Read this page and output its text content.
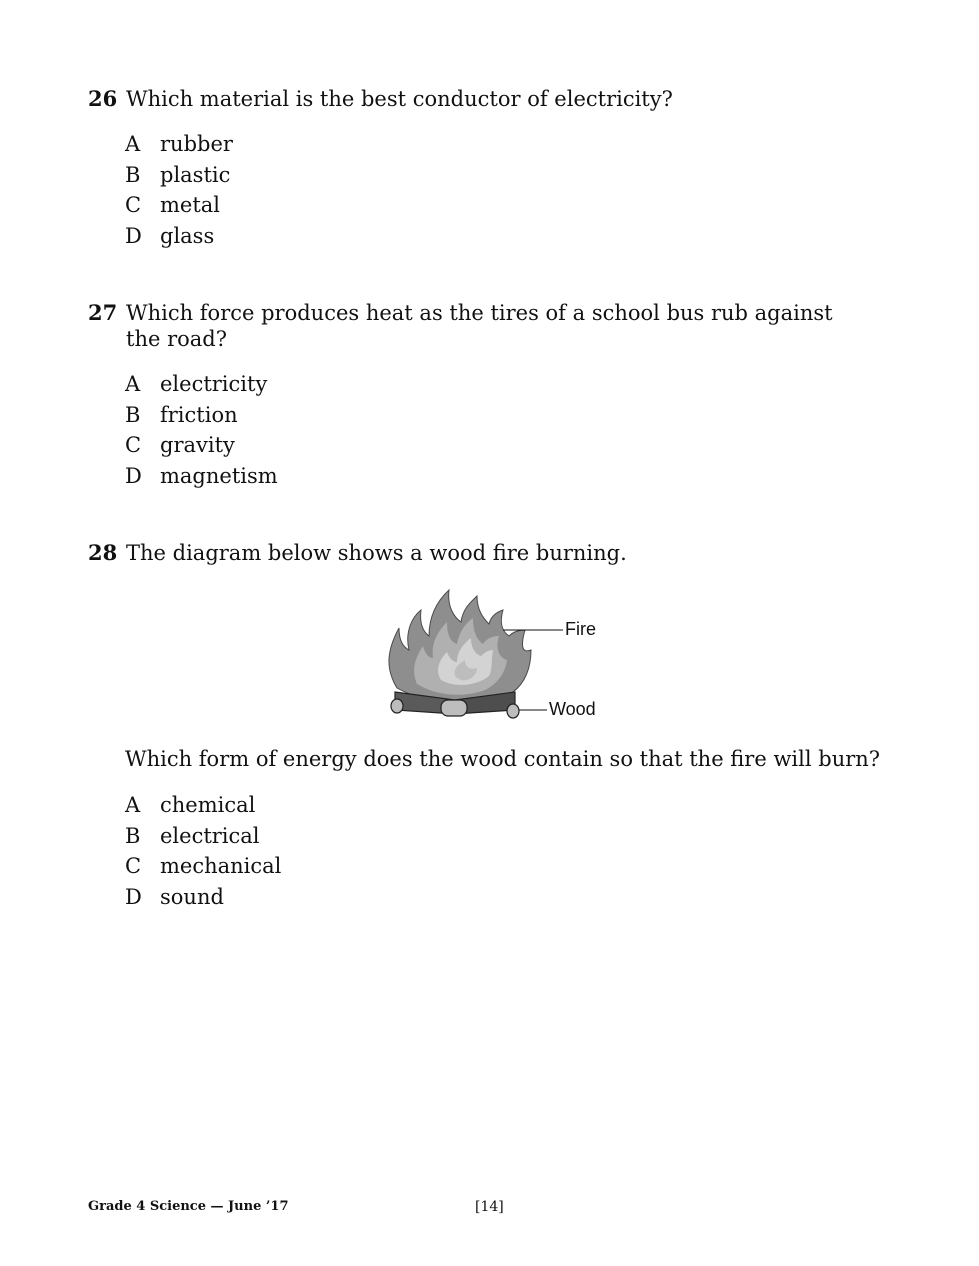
26 Which material is the best conductor of electricity?
A rubber
B plastic
C metal
D glass
27 Which force produces heat as the tires of a school bus rub against the road?
A electricity
B friction
C gravity
D magnetism
28 The diagram below shows a wood fire burning.
Fire
Wood
Which form of energy does the wood contain so that the fire will burn?
A chemical
B electrical
C mechanical
D sound
Grade 4 Science — June ’17	[14]
